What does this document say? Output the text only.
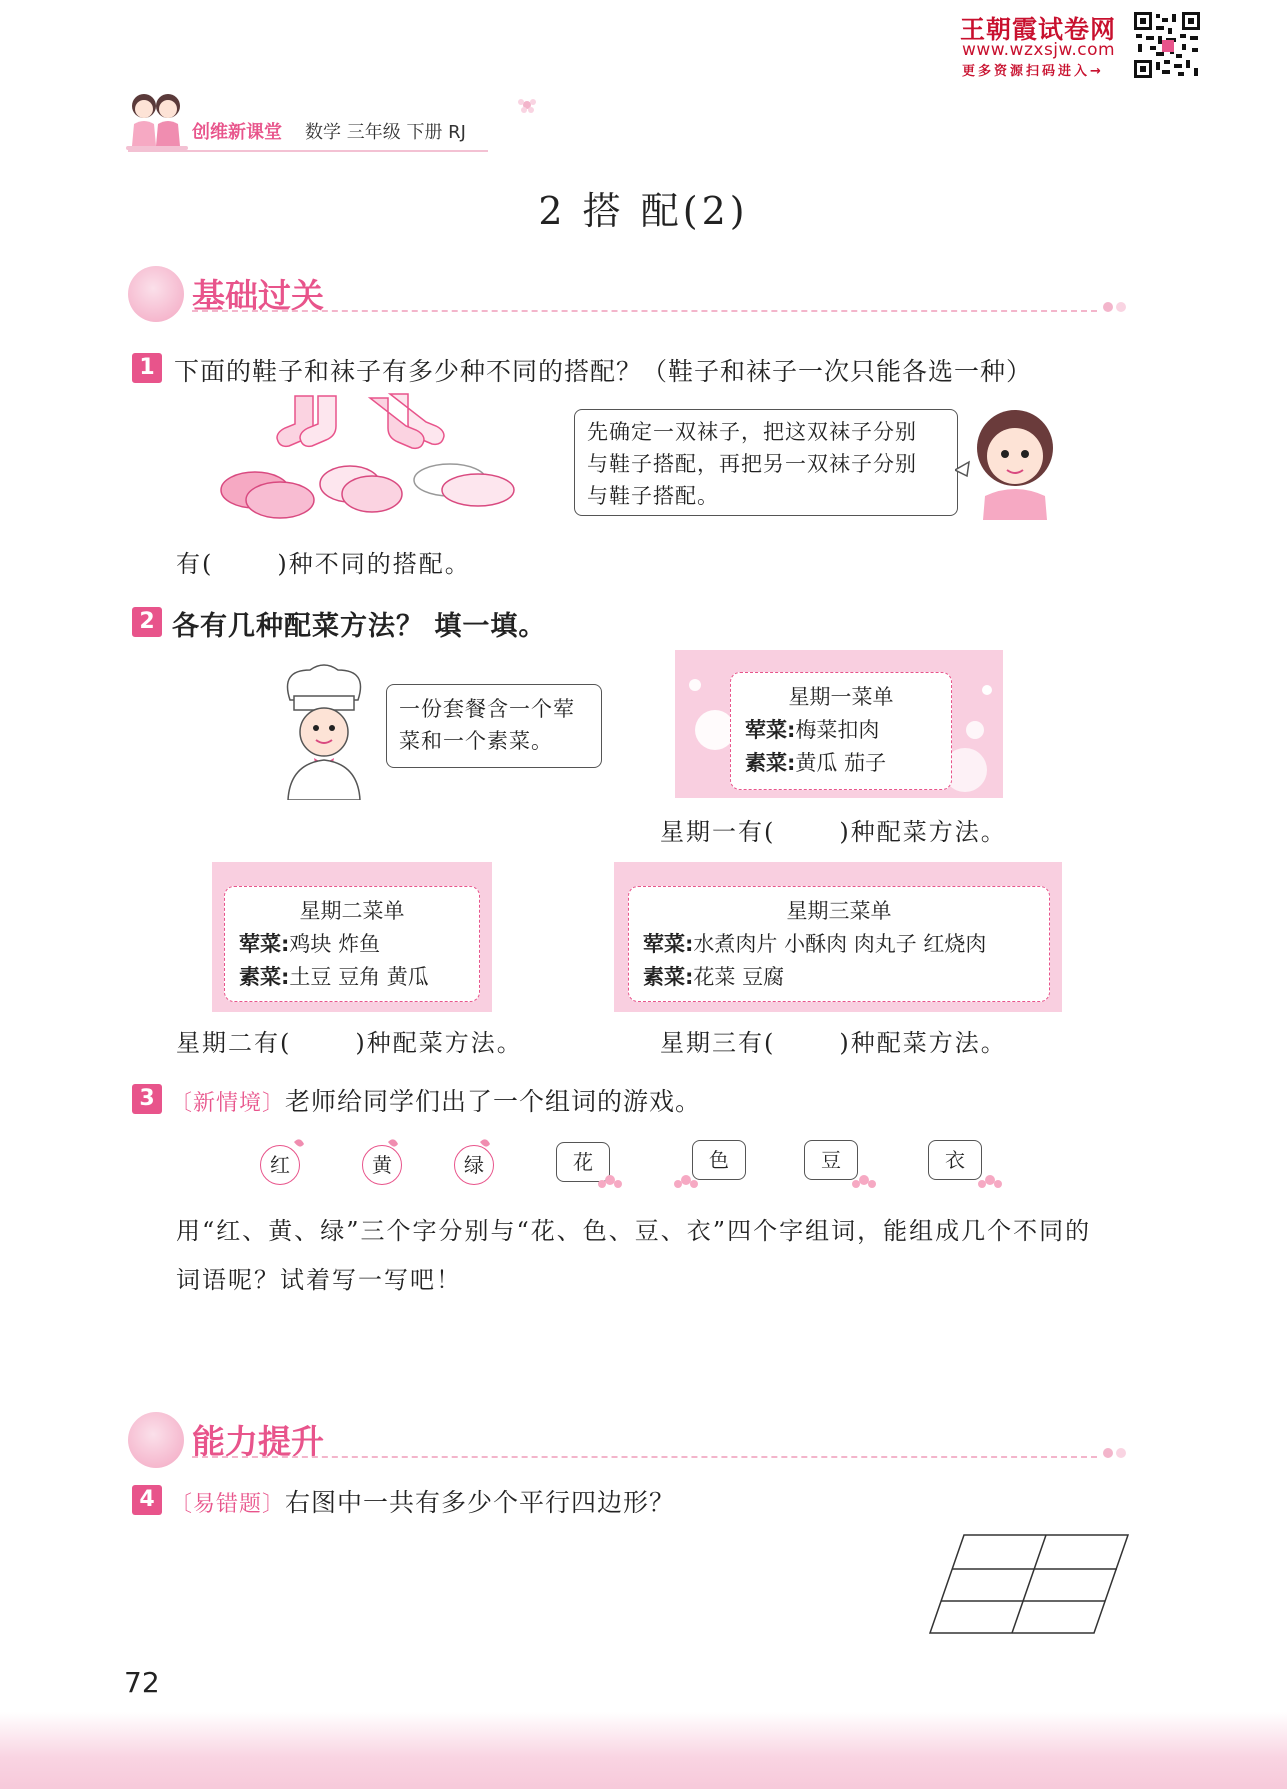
王朝霞试卷网
www.wzxsjw.com
更多资源扫码进入→
创维新课堂 数学 三年级 下册 RJ
2 搭 配(2)
基础过关
1 下面的鞋子和袜子有多少种不同的搭配？（鞋子和袜子一次只能各选一种）
先确定一双袜子，把这双袜子分别
与鞋子搭配，再把另一双袜子分别
与鞋子搭配。
有(	)种不同的搭配。
2 各有几种配菜方法？ 填一填。
一份套餐含一个荤
菜和一个素菜。
星期一菜单
荤菜:梅菜扣肉
素菜:黄瓜 茄子
星期一有(	)种配菜方法。
星期二菜单
荤菜:鸡块 炸鱼
素菜:土豆 豆角 黄瓜
星期二有(	)种配菜方法。
星期三菜单
荤菜:水煮肉片 小酥肉 肉丸子 红烧肉
素菜:花菜 豆腐
星期三有(	)种配菜方法。
3 〔新情境〕老师给同学们出了一个组词的游戏。
红	黄	绿	花	色	豆	衣
用“红、黄、绿”三个字分别与“花、色、豆、衣”四个字组词，能组成几个不同的
词语呢？试着写一写吧！
能力提升
4 〔易错题〕右图中一共有多少个平行四边形？
72
